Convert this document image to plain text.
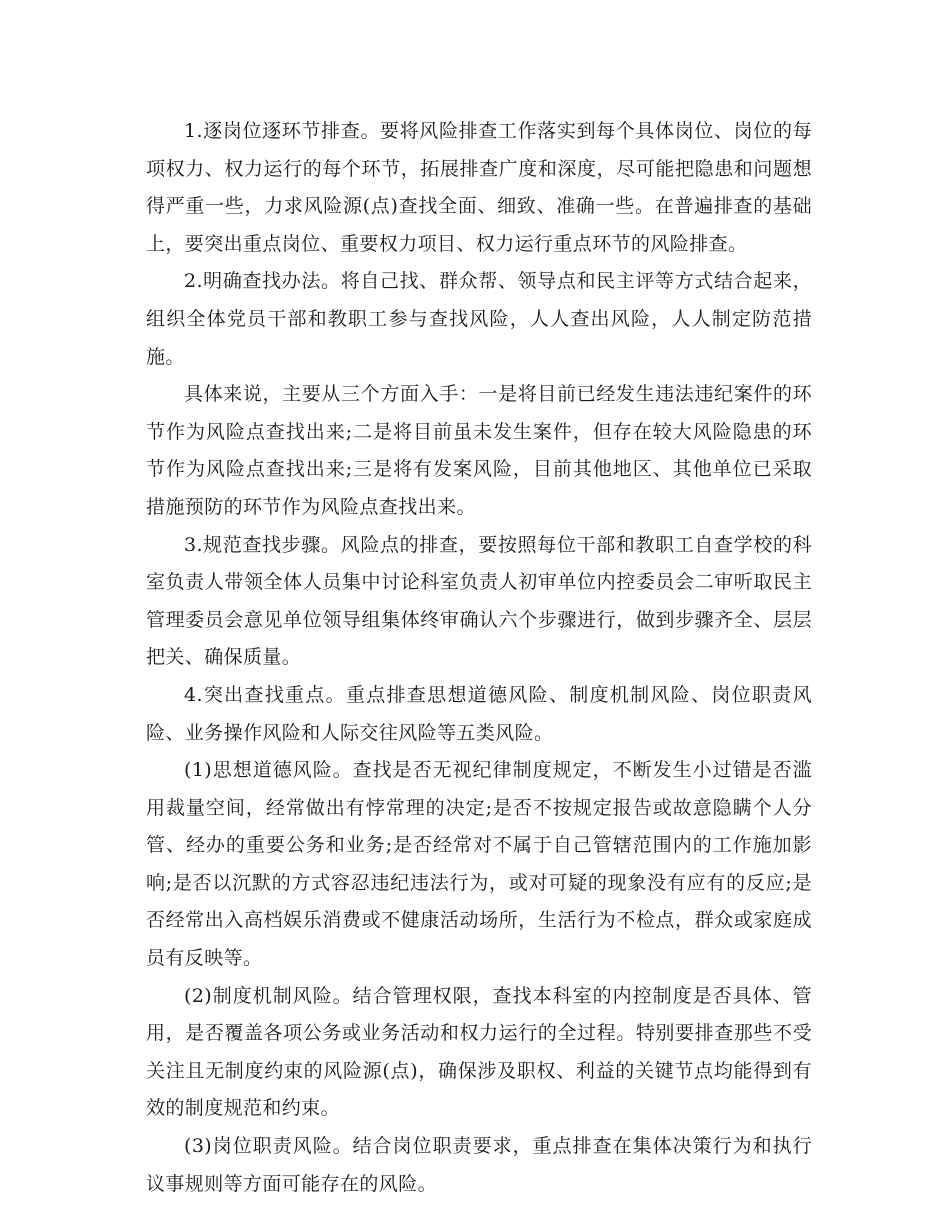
1.逐岗位逐环节排查。要将风险排查工作落实到每个具体岗位、岗位的每项权力、权力运行的每个环节，拓展排查广度和深度，尽可能把隐患和问题想得严重一些，力求风险源(点)查找全面、细致、准确一些。在普遍排查的基础上，要突出重点岗位、重要权力项目、权力运行重点环节的风险排查。

2.明确查找办法。将自己找、群众帮、领导点和民主评等方式结合起来，组织全体党员干部和教职工参与查找风险，人人查出风险，人人制定防范措施。

具体来说，主要从三个方面入手：一是将目前已经发生违法违纪案件的环节作为风险点查找出来;二是将目前虽未发生案件，但存在较大风险隐患的环节作为风险点查找出来;三是将有发案风险，目前其他地区、其他单位已采取措施预防的环节作为风险点查找出来。

3.规范查找步骤。风险点的排查，要按照每位干部和教职工自查学校的科室负责人带领全体人员集中讨论科室负责人初审单位内控委员会二审听取民主管理委员会意见单位领导组集体终审确认六个步骤进行，做到步骤齐全、层层把关、确保质量。

4.突出查找重点。重点排查思想道德风险、制度机制风险、岗位职责风险、业务操作风险和人际交往风险等五类风险。

(1)思想道德风险。查找是否无视纪律制度规定，不断发生小过错是否滥用裁量空间，经常做出有悖常理的决定;是否不按规定报告或故意隐瞒个人分管、经办的重要公务和业务;是否经常对不属于自己管辖范围内的工作施加影响;是否以沉默的方式容忍违纪违法行为，或对可疑的现象没有应有的反应;是否经常出入高档娱乐消费或不健康活动场所，生活行为不检点，群众或家庭成员有反映等。

(2)制度机制风险。结合管理权限，查找本科室的内控制度是否具体、管用，是否覆盖各项公务或业务活动和权力运行的全过程。特别要排查那些不受关注且无制度约束的风险源(点)，确保涉及职权、利益的关键节点均能得到有效的制度规范和约束。

(3)岗位职责风险。结合岗位职责要求，重点排查在集体决策行为和执行议事规则等方面可能存在的风险。
